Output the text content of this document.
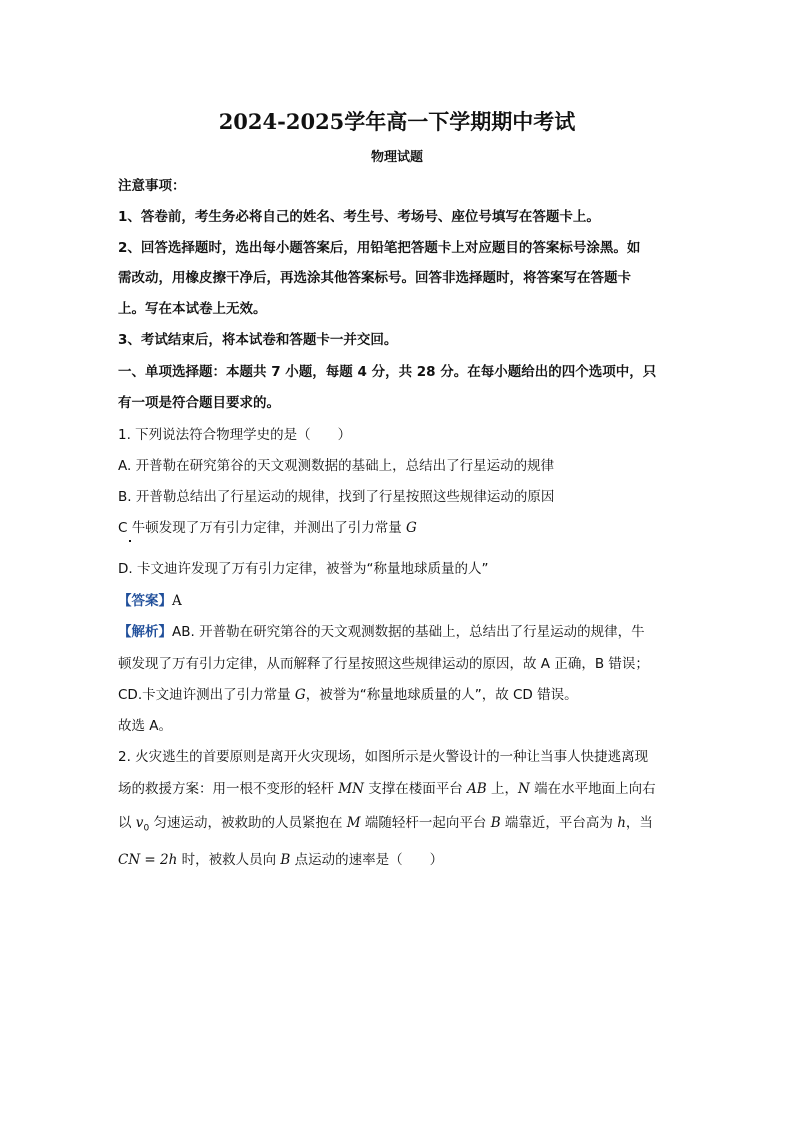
2024-2025学年高一下学期期中考试
物理试题
注意事项：
1、答卷前，考生务必将自己的姓名、考生号、考场号、座位号填写在答题卡上。
2、回答选择题时，选出每小题答案后，用铅笔把答题卡上对应题目的答案标号涂黑。如
需改动，用橡皮擦干净后，再选涂其他答案标号。回答非选择题时，将答案写在答题卡
上。写在本试卷上无效。
3、考试结束后，将本试卷和答题卡一并交回。
一、单项选择题：本题共 7 小题，每题 4 分，共 28 分。在每小题给出的四个选项中，只
有一项是符合题目要求的。
1. 下列说法符合物理学史的是（　　）
A. 开普勒在研究第谷的天文观测数据的基础上，总结出了行星运动的规律
B. 开普勒总结出了行星运动的规律，找到了行星按照这些规律运动的原因
C 牛顿发现了万有引力定律，并测出了引力常量 G
D. 卡文迪许发现了万有引力定律，被誉为“称量地球质量的人”
【答案】A
【解析】AB. 开普勒在研究第谷的天文观测数据的基础上，总结出了行星运动的规律，牛
顿发现了万有引力定律，从而解释了行星按照这些规律运动的原因，故 A 正确，B 错误；
CD.卡文迪许测出了引力常量 G，被誉为“称量地球质量的人”，故 CD 错误。
故选 A。
2. 火灾逃生的首要原则是离开火灾现场，如图所示是火警设计的一种让当事人快捷逃离现
场的救援方案：用一根不变形的轻杆 MN 支撑在楼面平台 AB 上，N 端在水平地面上向右
以 $v_0$ 匀速运动，被救助的人员紧抱在 M 端随轻杆一起向平台 B 端靠近，平台高为 h，当
CN = 2h 时，被救人员向 B 点运动的速率是（　　）
